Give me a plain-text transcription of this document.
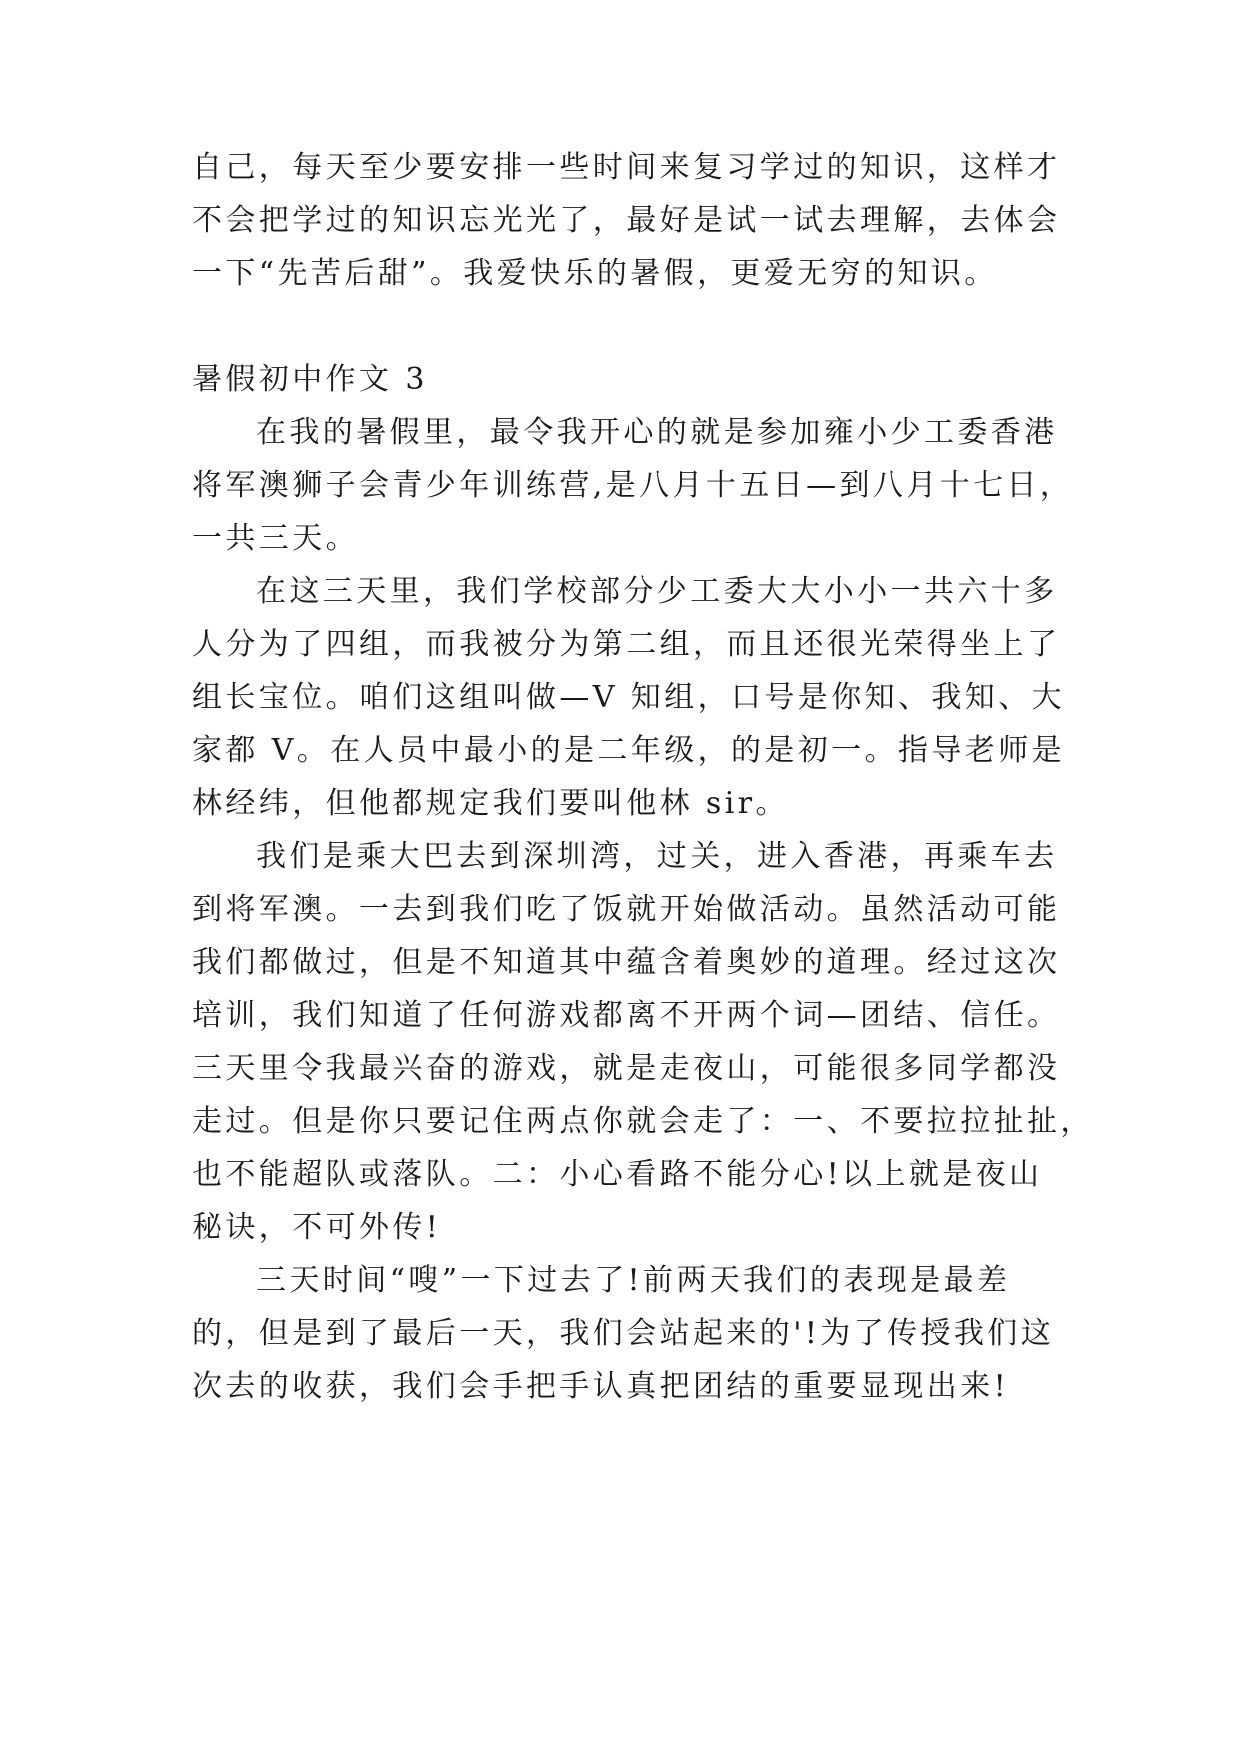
自己，每天至少要安排一些时间来复习学过的知识，这样才
不会把学过的知识忘光光了，最好是试一试去理解，去体会
一下“先苦后甜”。我爱快乐的暑假，更爱无穷的知识。
暑假初中作文 3
在我的暑假里，最令我开心的就是参加雍小少工委香港
将军澳狮子会青少年训练营,是八月十五日—到八月十七日，
一共三天。
在这三天里，我们学校部分少工委大大小小一共六十多
人分为了四组，而我被分为第二组，而且还很光荣得坐上了
组长宝位。咱们这组叫做—V 知组，口号是你知、我知、大
家都 V。在人员中最小的是二年级，的是初一。指导老师是
林经纬，但他都规定我们要叫他林 sir。
我们是乘大巴去到深圳湾，过关，进入香港，再乘车去
到将军澳。一去到我们吃了饭就开始做活动。虽然活动可能
我们都做过，但是不知道其中蕴含着奥妙的道理。经过这次
培训，我们知道了任何游戏都离不开两个词—团结、信任。
三天里令我最兴奋的游戏，就是走夜山，可能很多同学都没
走过。但是你只要记住两点你就会走了：一、不要拉拉扯扯，
也不能超队或落队。二：小心看路不能分心!以上就是夜山
秘诀，不可外传!
三天时间“嗖”一下过去了!前两天我们的表现是最差
的，但是到了最后一天，我们会站起来的'!为了传授我们这
次去的收获，我们会手把手认真把团结的重要显现出来!
